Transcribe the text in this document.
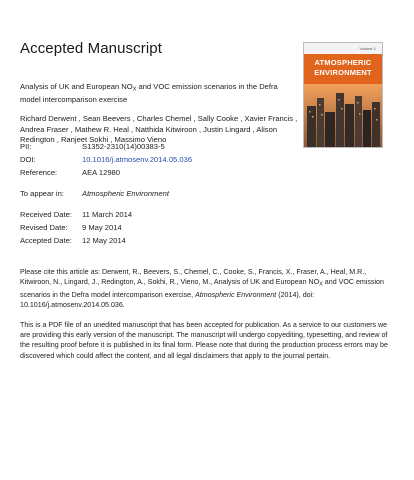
Accepted Manuscript	Volume 1
ATMOSPHERIC
ENVIRONMENT
Analysis of UK and European $NO_X$ and VOC emission scenarios in the Defra model intercomparison exercise
Richard Derwent , Sean Beevers , Charles Chemel , Sally Cooke , Xavier Francis , Andrea Fraser , Mathew R. Heal , Natthida Kitwiroon , Justin Lingard , Alison Redington , Ranjeet Sokhi , Massimo Vieno
PII:	S1352-2310(14)00383-5
DOI:	10.1016/j.atmosenv.2014.05.036
Reference:	AEA 12980
To appear in: Atmospheric Environment
Received Date: 11 March 2014
Revised Date: 9 May 2014
Accepted Date: 12 May 2014
Please cite this article as: Derwent, R., Beevers, S., Chemel, C., Cooke, S., Francis, X., Fraser, A., Heal, M.R., Kitwiroon, N., Lingard, J., Redington, A., Sokhi, R., Vieno, M., Analysis of UK and European $NO_X$ and VOC emission scenarios in the Defra model intercomparison exercise, Atmospheric Environment (2014), doi: 10.1016/j.atmosenv.2014.05.036.
This is a PDF file of an unedited manuscript that has been accepted for publication. As a service to our customers we are providing this early version of the manuscript. The manuscript will undergo copyediting, typesetting, and review of the resulting proof before it is published in its final form. Please note that during the production process errors may be discovered which could affect the content, and all legal disclaimers that apply to the journal pertain.
